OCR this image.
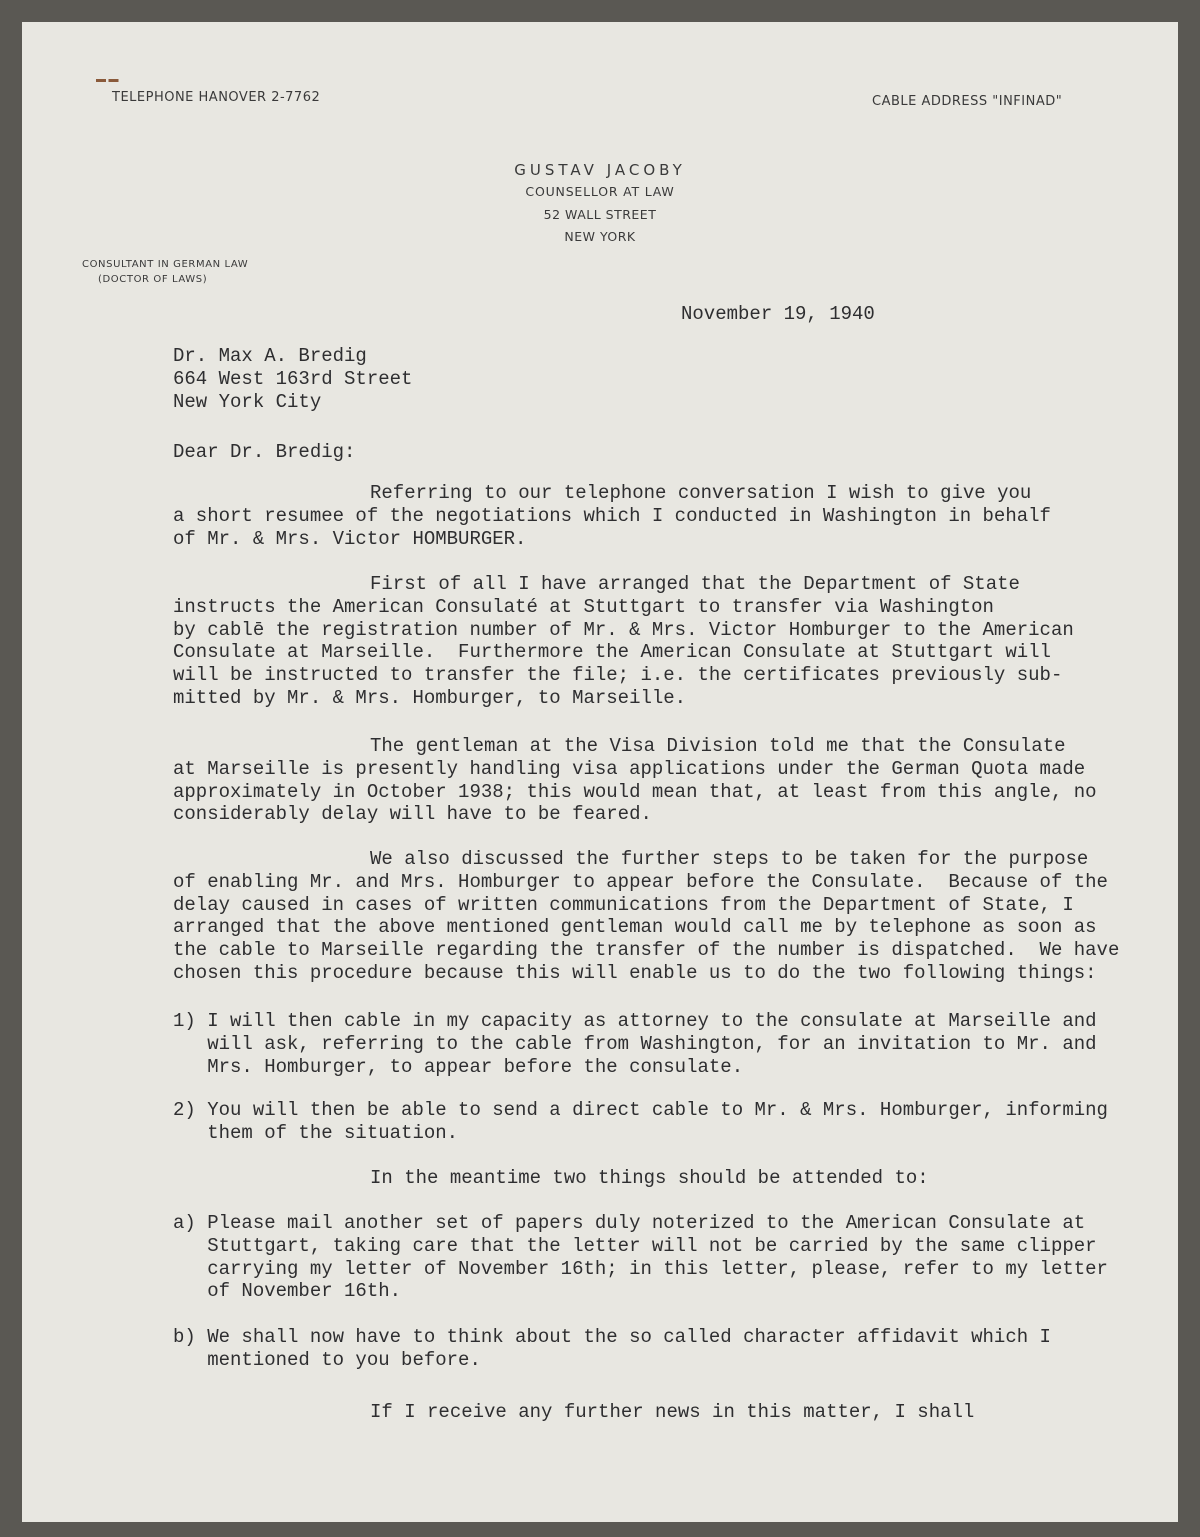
▬ ▬
TELEPHONE HANOVER 2-7762	CABLE ADDRESS "INFINAD"
GUSTAV JACOBY
COUNSELLOR AT LAW
52 WALL STREET
NEW YORK
CONSULTANT IN GERMAN LAW
(DOCTOR OF LAWS)
November 19, 1940
Dr. Max A. Bredig
664 West 163rd Street
New York City
Dear Dr. Bredig:
Referring to our telephone conversation I wish to give you
a short resumee of the negotiations which I conducted in Washington in behalf
of Mr. & Mrs. Victor HOMBURGER.
First of all I have arranged that the Department of State
instructs the American Consulaté at Stuttgart to transfer via Washington
by cablē the registration number of Mr. & Mrs. Victor Homburger to the American
Consulate at Marseille.  Furthermore the American Consulate at Stuttgart will
will be instructed to transfer the file; i.e. the certificates previously sub-
mitted by Mr. & Mrs. Homburger, to Marseille.
The gentleman at the Visa Division told me that the Consulate
at Marseille is presently handling visa applications under the German Quota made
approximately in October 1938; this would mean that, at least from this angle, no
considerably delay will have to be feared.
We also discussed the further steps to be taken for the purpose
of enabling Mr. and Mrs. Homburger to appear before the Consulate.  Because of the
delay caused in cases of written communications from the Department of State, I
arranged that the above mentioned gentleman would call me by telephone as soon as
the cable to Marseille regarding the transfer of the number is dispatched.  We have
chosen this procedure because this will enable us to do the two following things:
1) I will then cable in my capacity as attorney to the consulate at Marseille and
will ask, referring to the cable from Washington, for an invitation to Mr. and
Mrs. Homburger, to appear before the consulate.
2) You will then be able to send a direct cable to Mr. & Mrs. Homburger, informing
them of the situation.
In the meantime two things should be attended to:
a) Please mail another set of papers duly noterized to the American Consulate at
Stuttgart, taking care that the letter will not be carried by the same clipper
carrying my letter of November 16th; in this letter, please, refer to my letter
of November 16th.
b) We shall now have to think about the so called character affidavit which I
mentioned to you before.
If I receive any further news in this matter, I shall
